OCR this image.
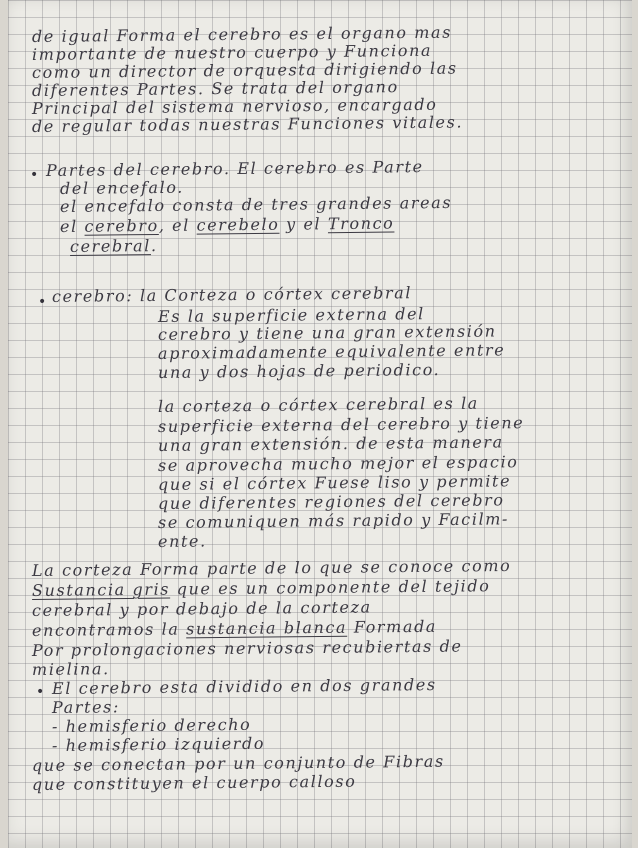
de igual Forma el cerebro es el organo mas
importante de nuestro cuerpo y Funciona
como un director de orquesta dirigiendo las
diferentes Partes. Se trata del organo
Principal del sistema nervioso, encargado
de regular todas nuestras Funciones vitales.
• Partes del cerebro. El cerebro es Parte
del encefalo.
el encefalo consta de tres grandes areas
el cerebro, el cerebelo y el Tronco
cerebral.
• cerebro: la Corteza o córtex cerebral
Es la superficie externa del
cerebro y tiene una gran extensión
aproximadamente equivalente entre
una y dos hojas de periodico.
la corteza o córtex cerebral es la
superficie externa del cerebro y tiene
una gran extensión. de esta manera
se aprovecha mucho mejor el espacio
que si el córtex Fuese liso y permite
que diferentes regiones del cerebro
se comuniquen más rapido y Facilm-
ente.
La corteza Forma parte de lo que se conoce como
Sustancia gris que es un componente del tejido
cerebral y por debajo de la corteza
encontramos la sustancia blanca Formada
Por prolongaciones nerviosas recubiertas de
mielina.
• El cerebro esta dividido en dos grandes
Partes:
- hemisferio derecho
- hemisferio izquierdo
que se conectan por un conjunto de Fibras
que constituyen el cuerpo calloso
